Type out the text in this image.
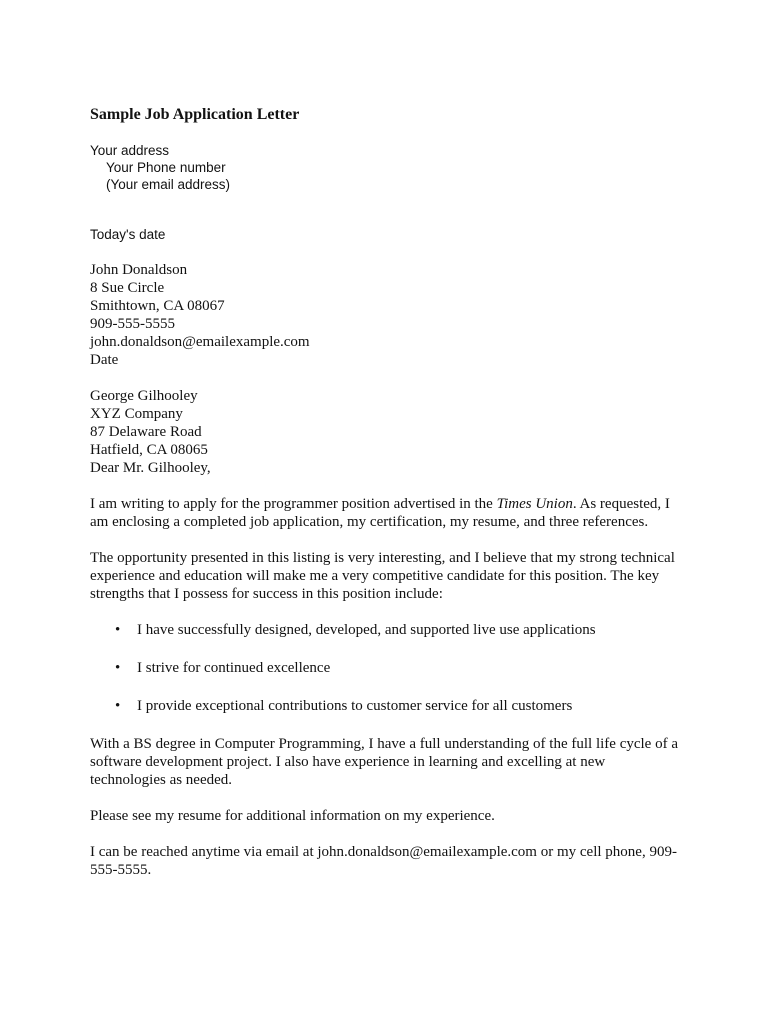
Sample Job Application Letter

Your address

Your Phone number

(Your email address)

Today's date

John Donaldson

8 Sue Circle

Smithtown, CA 08067

909-555-5555

john.donaldson@emailexample.com

Date

George Gilhooley

XYZ Company

87 Delaware Road

Hatfield, CA 08065

Dear Mr. Gilhooley,

I am writing to apply for the programmer position advertised in the Times Union. As requested, I am enclosing a completed job application, my certification, my resume, and three references.

The opportunity presented in this listing is very interesting, and I believe that my strong technical experience and education will make me a very competitive candidate for this position. The key strengths that I possess for success in this position include:

•	I have successfully designed, developed, and supported live use applications
•	I strive for continued excellence
•	I provide exceptional contributions to customer service for all customers

With a BS degree in Computer Programming, I have a full understanding of the full life cycle of a software development project. I also have experience in learning and excelling at new technologies as needed.

Please see my resume for additional information on my experience.

I can be reached anytime via email at john.donaldson@emailexample.com or my cell phone, 909-555-5555.
